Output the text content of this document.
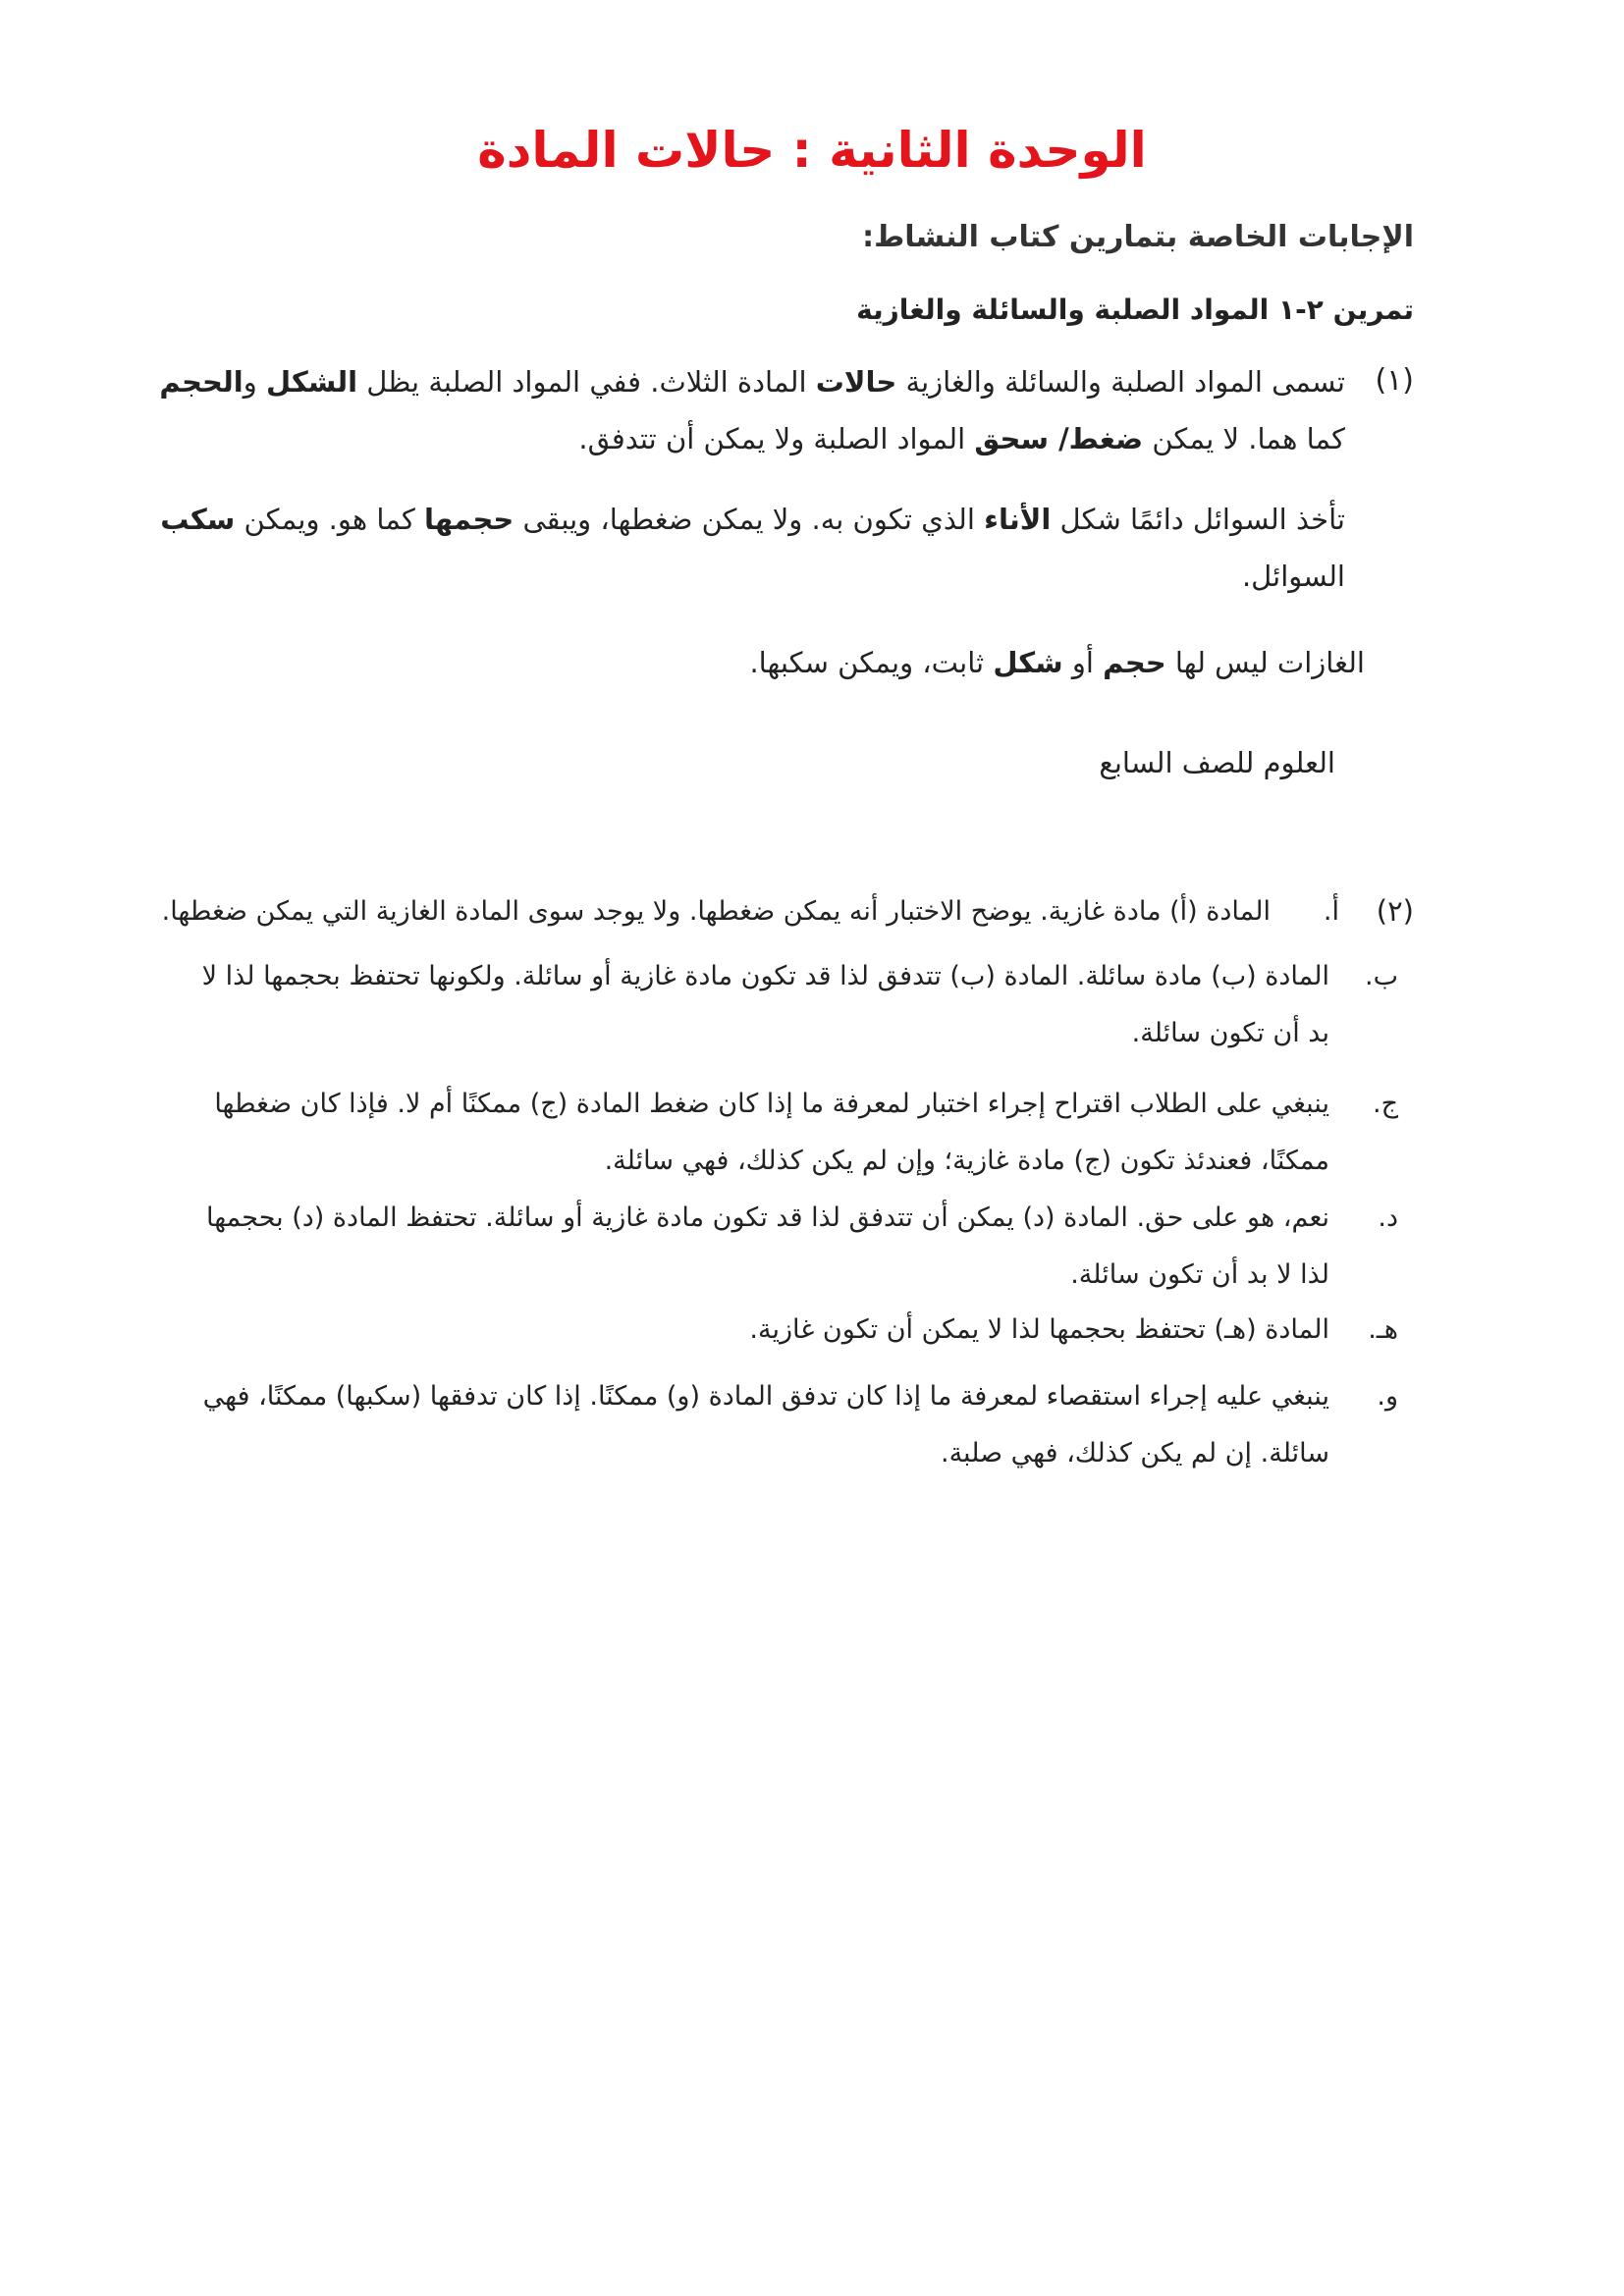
الوحدة الثانية : حالات المادة
الإجابات الخاصة بتمارين كتاب النشاط:
تمرين ٢-١ المواد الصلبة والسائلة والغازية
(١)

تسمى المواد الصلبة والسائلة والغازية حالات المادة الثلاث. ففي المواد الصلبة يظل الشكل والحجم كما هما. لا يمكن ضغط/ سحق المواد الصلبة ولا يمكن أن تتدفق.

تأخذ السوائل دائمًا شكل الأناء الذي تكون به. ولا يمكن ضغطها، ويبقى حجمها كما هو. ويمكن سكب السوائل.

الغازات ليس لها حجم أو شكل ثابت، ويمكن سكبها.

العلوم للصف السابع
(٢)
أ.
المادة (أ) مادة غازية. يوضح الاختبار أنه يمكن ضغطها. ولا يوجد سوى المادة الغازية التي يمكن ضغطها.
ب.
المادة (ب) مادة سائلة. المادة (ب) تتدفق لذا قد تكون مادة غازية أو سائلة. ولكونها تحتفظ بحجمها لذا لا بد أن تكون سائلة.
ج.
ينبغي على الطلاب اقتراح إجراء اختبار لمعرفة ما إذا كان ضغط المادة (ج) ممكنًا أم لا. فإذا كان ضغطها ممكنًا، فعندئذ تكون (ج) مادة غازية؛ وإن لم يكن كذلك، فهي سائلة.
د.
نعم، هو على حق. المادة (د) يمكن أن تتدفق لذا قد تكون مادة غازية أو سائلة. تحتفظ المادة (د) بحجمها لذا لا بد أن تكون سائلة.
هـ.
المادة (هـ) تحتفظ بحجمها لذا لا يمكن أن تكون غازية.
و.
ينبغي عليه إجراء استقصاء لمعرفة ما إذا كان تدفق المادة (و) ممكنًا. إذا كان تدفقها (سكبها) ممكنًا، فهي سائلة. إن لم يكن كذلك، فهي صلبة.
